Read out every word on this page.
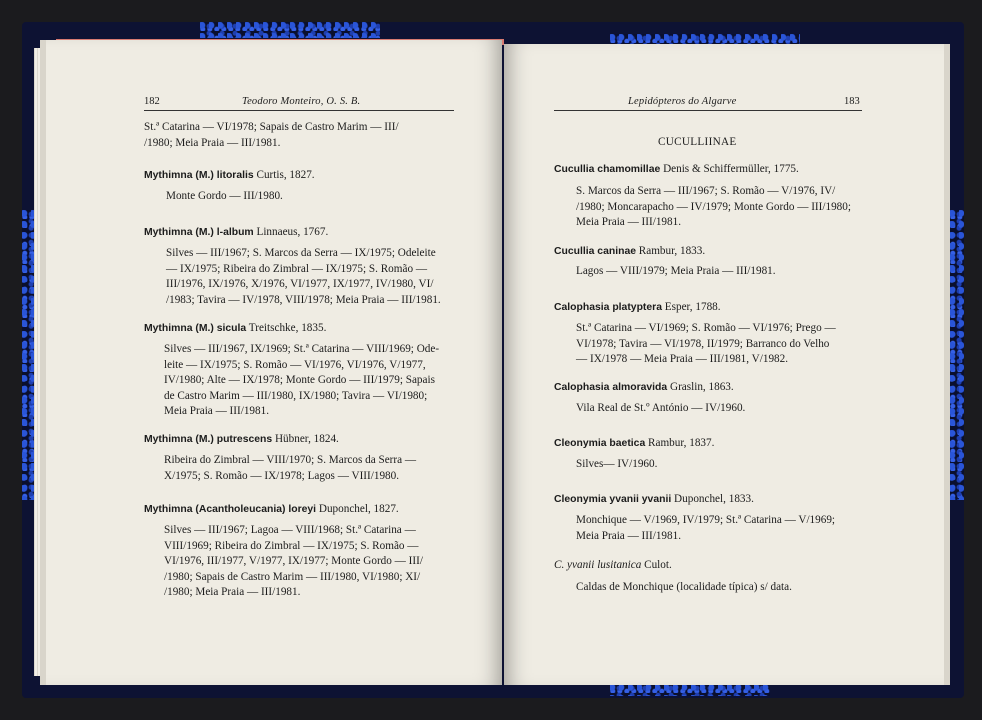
182	Teodoro Monteiro, O. S. B.
St.ª Catarina — VI/1978; Sapais de Castro Marim — III/
/1980; Meia Praia — III/1981.
Mythimna (M.) litoralis Curtis, 1827.
Monte Gordo — III/1980.
Mythimna (M.) l-album Linnaeus, 1767.
Silves — III/1967; S. Marcos da Serra — IX/1975; Odeleite
— IX/1975; Ribeira do Zimbral — IX/1975; S. Romão —
III/1976, IX/1976, X/1976, VI/1977, IX/1977, IV/1980, VI/
/1983; Tavira — IV/1978, VIII/1978; Meia Praia — III/1981.
Mythimna (M.) sicula Treitschke, 1835.
Silves — III/1967, IX/1969; St.ª Catarina — VIII/1969; Ode-
leite — IX/1975; S. Romão — VI/1976, VI/1976, V/1977,
IV/1980; Alte — IX/1978; Monte Gordo — III/1979; Sapais
de Castro Marim — III/1980, IX/1980; Tavira — VI/1980;
Meia Praia — III/1981.
Mythimna (M.) putrescens Hübner, 1824.
Ribeira do Zimbral — VIII/1970; S. Marcos da Serra —
X/1975; S. Romão — IX/1978; Lagos — VIII/1980.
Mythimna (Acantholeucania) loreyi Duponchel, 1827.
Silves — III/1967; Lagoa — VIII/1968; St.ª Catarina —
VIII/1969; Ribeira do Zimbral — IX/1975; S. Romão —
VI/1976, III/1977, V/1977, IX/1977; Monte Gordo — III/
/1980; Sapais de Castro Marim — III/1980, VI/1980; XI/
/1980; Meia Praia — III/1981.
Lepidópteros do Algarve	183
CUCULLIINAE
Cucullia chamomillae Denis & Schiffermüller, 1775.
S. Marcos da Serra — III/1967; S. Romão — V/1976, IV/
/1980; Moncarapacho — IV/1979; Monte Gordo — III/1980;
Meia Praia — III/1981.
Cucullia caninae Rambur, 1833.
Lagos — VIII/1979; Meia Praia — III/1981.
Calophasia platyptera Esper, 1788.
St.ª Catarina — VI/1969; S. Romão — VI/1976; Prego —
VI/1978; Tavira — VI/1978, II/1979; Barranco do Velho
— IX/1978 — Meia Praia — III/1981, V/1982.
Calophasia almoravida Graslin, 1863.
Vila Real de St.º António — IV/1960.
Cleonymia baetica Rambur, 1837.
Silves— IV/1960.
Cleonymia yvanii yvanii Duponchel, 1833.
Monchique — V/1969, IV/1979; St.ª Catarina — V/1969;
Meia Praia — III/1981.
C. yvanii lusitanica Culot.
Caldas de Monchique (localidade típica) s/ data.
